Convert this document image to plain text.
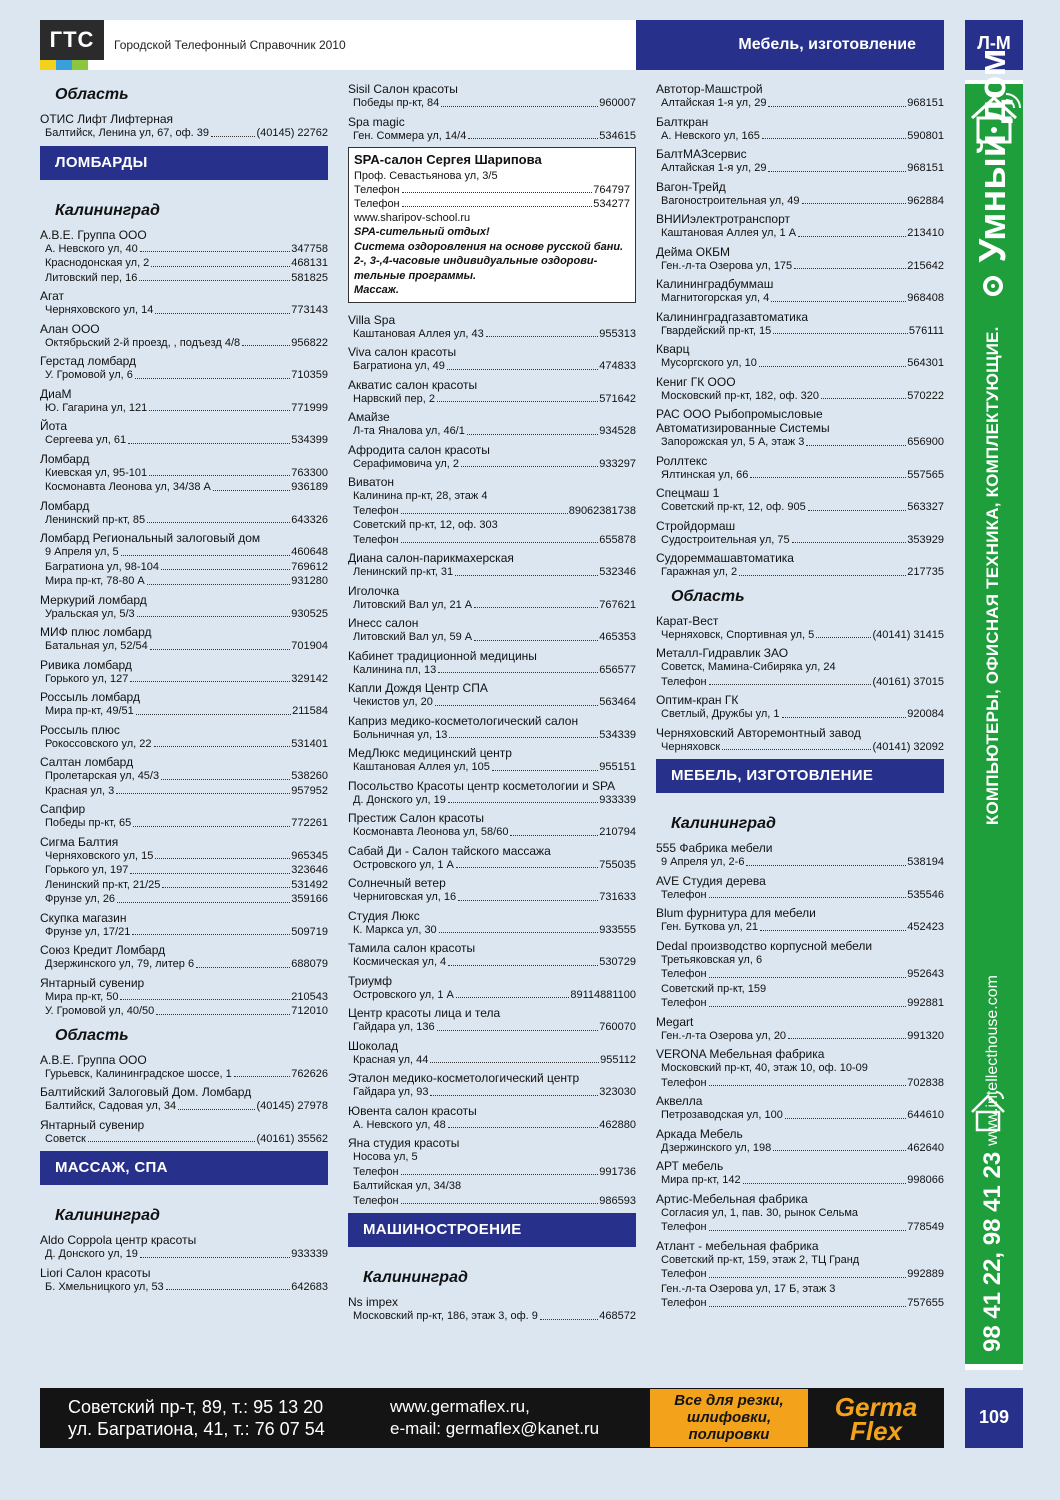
ГТС	Городской Телефонный Справочник 2010	Мебель, изготовление	Л-М
Область
ОТИС Лифт Лифтерная
Балтийск, Ленина ул, 67, оф. 39	(40145) 22762
ЛОМБАРДЫ
Калининград
А.В.Е. Группа ООО
А. Невского ул, 40	347758
Краснодонская ул, 2	468131
Литовский пер, 16	581825
Агат
Черняховского ул, 14	773143
Алан ООО
Октябрьский 2-й проезд, , подъезд 4/8	956822
Герстад ломбард
У. Громовой ул, 6	710359
ДиаМ
Ю. Гагарина ул, 121	771999
Йота
Сергеева ул, 61	534399
Ломбард
Киевская ул, 95-101	763300
Космонавта Леонова ул, 34/38 А	936189
Ломбард
Ленинский пр-кт, 85	643326
Ломбард Региональный залоговый дом
9 Апреля ул, 5	460648
Багратиона ул, 98-104	769612
Мира пр-кт, 78-80 А	931280
Меркурий ломбард
Уральская ул, 5/3	930525
МИФ плюс ломбард
Батальная ул, 52/54	701904
Ривика ломбард
Горького ул, 127	329142
Россыль ломбард
Мира пр-кт, 49/51	211584
Россыль плюс
Рокоссовского ул, 22	531401
Салтан ломбард
Пролетарская ул, 45/3	538260
Красная ул, 3	957952
Сапфир
Победы пр-кт, 65	772261
Сигма Балтия
Черняховского ул, 15	965345
Горького ул, 197	323646
Ленинский пр-кт, 21/25	531492
Фрунзе ул, 26	359166
Скупка магазин
Фрунзе ул, 17/21	509719
Союз Кредит Ломбард
Дзержинского ул, 79, литер 6	688079
Янтарный сувенир
Мира пр-кт, 50	210543
У. Громовой ул, 40/50	712010
Область
А.В.Е. Группа ООО
Гурьевск, Калининградское шоссе, 1	762626
Балтийский Залоговый Дом. Ломбард
Балтийск, Садовая ул, 34	(40145) 27978
Янтарный сувенир
Советск	(40161) 35562
МАССАЖ, СПА
Калининград
Aldo Coppola центр красоты
Д. Донского ул, 19	933339
Liori Салон красоты
Б. Хмельницкого ул, 53	642683
Sisil Салон красоты
Победы пр-кт, 84	960007
Spa magic
Ген. Соммера ул, 14/4	534615
SPA-салон Сергея Шарипова
Проф. Севастьянова ул, 3/5
Телефон	764797
Телефон	534277
www.sharipov-school.ru
SPA-сительный отдых!
Система оздоровления на основе русской бани.
2-, 3-,4-часовые индивидуальные оздорови-
тельные программы.
Массаж.
Villa Spa
Каштановая Аллея ул, 43	955313
Viva салон красоты
Багратиона ул, 49	474833
Акватис салон красоты
Нарвский пер, 2	571642
Амайзе
Л-та Яналова ул, 46/1	934528
Афродита салон красоты
Серафимовича ул, 2	933297
Виватон
Калинина пр-кт, 28, этаж 4
Телефон	89062381738
Советский пр-кт, 12, оф. 303
Телефон	655878
Диана салон-парикмахерская
Ленинский пр-кт, 31	532346
Иголочка
Литовский Вал ул, 21 А	767621
Инесс салон
Литовский Вал ул, 59 А	465353
Кабинет традиционной медицины
Калинина пл, 13	656577
Капли Дождя Центр СПА
Чекистов ул, 20	563464
Каприз медико-косметологический салон
Больничная ул, 13	534339
МедЛюкс медицинский центр
Каштановая Аллея ул, 105	955151
Посольство Красоты центр косметологии и SPA
Д. Донского ул, 19	933339
Престиж Салон красоты
Космонавта Леонова ул, 58/60	210794
Сабай Ди - Салон тайского массажа
Островского ул, 1 А	755035
Солнечный ветер
Черниговская ул, 16	731633
Студия Люкс
К. Маркса ул, 30	933555
Тамила салон красоты
Космическая ул, 4	530729
Триумф
Островского ул, 1 А	89114881100
Центр красоты лица и тела
Гайдара ул, 136	760070
Шоколад
Красная ул, 44	955112
Эталон медико-косметологический центр
Гайдара ул, 93	323030
Ювента салон красоты
А. Невского ул, 48	462880
Яна студия красоты
Носова ул, 5
Телефон	991736
Балтийская ул, 34/38
Телефон	986593
МАШИНОСТРОЕНИЕ
Калининград
Ns impex
Московский пр-кт, 186, этаж 3, оф. 9	468572
Автотор-Машстрой
Алтайская 1-я ул, 29	968151
Балткран
А. Невского ул, 165	590801
БалтМАЗсервис
Алтайская 1-я ул, 29	968151
Вагон-Трейд
Вагоностроительная ул, 49	962884
ВНИИэлектротранспорт
Каштановая Аллея ул, 1 А	213410
Дейма ОКБМ
Ген.-л-та Озерова ул, 175	215642
Калининградбуммаш
Магнитогорская ул, 4	968408
Калининградгазавтоматика
Гвардейский пр-кт, 15	576111
Кварц
Мусоргского ул, 10	564301
Кениг ГК ООО
Московский пр-кт, 182, оф. 320	570222
РАС ООО Рыбопромысловые
Автоматизированные Системы
Запорожская ул, 5 А, этаж 3	656900
Роллтекс
Ялтинская ул, 66	557565
Спецмаш 1
Советский пр-кт, 12, оф. 905	563327
Стройдормаш
Судостроительная ул, 75	353929
Судореммашавтоматика
Гаражная ул, 2	217735
Область
Карат-Вест
Черняховск, Спортивная ул, 5	(40141) 31415
Металл-Гидравлик ЗАО
Советск, Мамина-Сибиряка ул, 24
Телефон	(40161) 37015
Оптим-кран ГК
Светлый, Дружбы ул, 1	920084
Черняховский Авторемонтный завод
Черняховск	(40141) 32092
МЕБЕЛЬ, ИЗГОТОВЛЕНИЕ
Калининград
555 Фабрика мебели
9 Апреля ул, 2-6	538194
AVE Студия дерева
Телефон	535546
Blum фурнитура для мебели
Ген. Буткова ул, 21	452423
Dedal производство корпусной мебели
Третьяковская ул, 6
Телефон	952643
Советский пр-кт, 159
Телефон	992881
Megart
Ген.-л-та Озерова ул, 20	991320
VERONA Мебельная фабрика
Московский пр-кт, 40, этаж 10, оф. 10-09
Телефон	702838
Аквелла
Петрозаводская ул, 100	644610
Аркада Мебель
Дзержинского ул, 198	462640
АРТ мебель
Мира пр-кт, 142	998066
Артис-Мебельная фабрика
Согласия ул, 1, пав. 30, рынок Сельма
Телефон	778549
Атлант - мебельная фабрика
Советский пр-кт, 159, этаж 2, ТЦ Гранд
Телефон	992889
Ген.-л-та Озерова ул, 17 Б, этаж 3
Телефон	757655 98 41 22, 98 41 23
www.intellecthouse.com
КОМПЬЮТЕРЫ, ОФИСНАЯ ТЕХНИКА, КОМПЛЕКТУЮЩИЕ.
Умный дом
Советский пр-т, 89, т.: 95 13 20
ул. Багратиона, 41, т.: 76 07 54
www.germaflex.ru,
e-mail: germaflex@kanet.ru
Все для резки,
шлифовки,
полировки
Germa
Flex	109
